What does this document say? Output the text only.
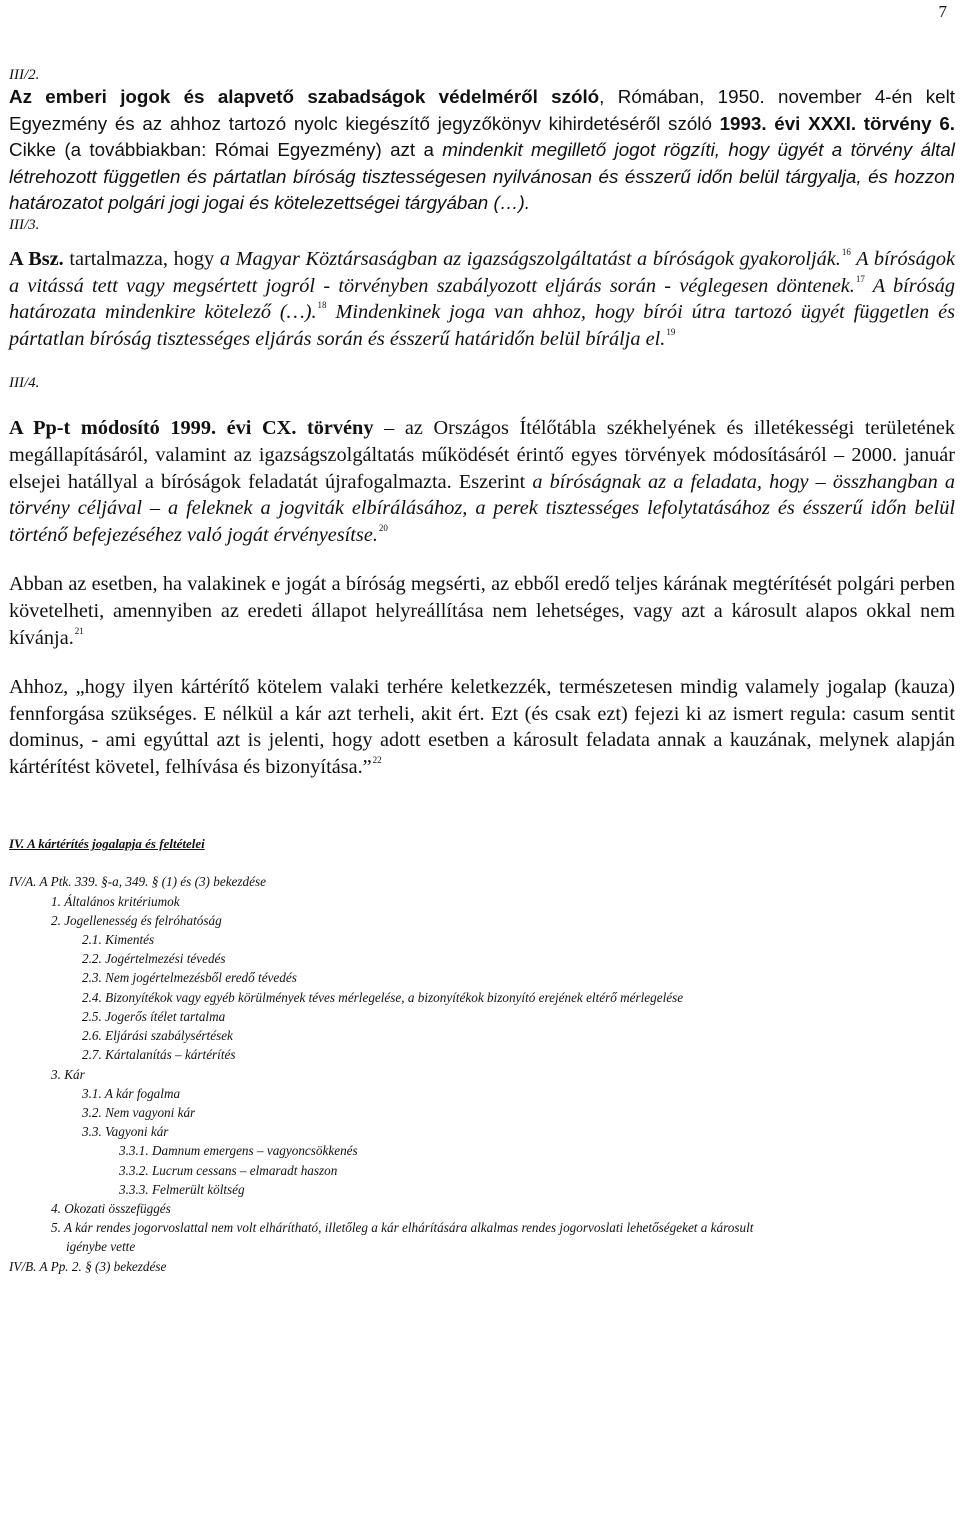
7
III/2.

Az emberi jogok és alapvető szabadságok védelméről szóló, Rómában, 1950. november 4-én kelt Egyezmény és az ahhoz tartozó nyolc kiegészítő jegyzőkönyv kihirdetéséről szóló 1993. évi XXXI. törvény 6. Cikke (a továbbiakban: Római Egyezmény) azt a mindenkit megillető jogot rögzíti, hogy ügyét a törvény által létrehozott független és pártatlan bíróság tisztességesen nyilvánosan és ésszerű időn belül tárgyalja, és hozzon határozatot polgári jogi jogai és kötelezettségei tárgyában (…).

III/3.

A Bsz. tartalmazza, hogy a Magyar Köztársaságban az igazságszolgáltatást a bíróságok gyakorolják.$^{16}$ A bíróságok a vitássá tett vagy megsértett jogról - törvényben szabályozott eljárás során - véglegesen döntenek.$^{17}$ A bíróság határozata mindenkire kötelező (…).$^{18}$ Mindenkinek joga van ahhoz, hogy bírói útra tartozó ügyét független és pártatlan bíróság tisztességes eljárás során és ésszerű határidőn belül bírálja el.$^{19}$

III/4.

A Pp-t módosító 1999. évi CX. törvény – az Országos Ítélőtábla székhelyének és illetékességi területének megállapításáról, valamint az igazságszolgáltatás működését érintő egyes törvények módosításáról – 2000. január elsejei hatállyal a bíróságok feladatát újrafogalmazta. Eszerint a bíróságnak az a feladata, hogy – összhangban a törvény céljával – a feleknek a jogviták elbírálásához, a perek tisztességes lefolytatásához és ésszerű időn belül történő befejezéséhez való jogát érvényesítse.$^{20}$

Abban az esetben, ha valakinek e jogát a bíróság megsérti, az ebből eredő teljes kárának megtérítését polgári perben követelheti, amennyiben az eredeti állapot helyreállítása nem lehetséges, vagy azt a károsult alapos okkal nem kívánja.$^{21}$

Ahhoz, „hogy ilyen kártérítő kötelem valaki terhére keletkezzék, természetesen mindig valamely jogalap (kauza) fennforgása szükséges. E nélkül a kár azt terheli, akit ért. Ezt (és csak ezt) fejezi ki az ismert regula: casum sentit dominus, - ami egyúttal azt is jelenti, hogy adott esetben a károsult feladata annak a kauzának, melynek alapján kártérítést követel, felhívása és bizonyítása.”$^{22}$

IV. A kártérítés jogalapja és feltételei
IV/A. A Ptk. 339. §-a, 349. § (1) és (3) bekezdése
1. Általános kritériumok
2. Jogellenesség és felróhatóság
2.1. Kimentés
2.2. Jogértelmezési tévedés
2.3. Nem jogértelmezésből eredő tévedés
2.4. Bizonyítékok vagy egyéb körülmények téves mérlegelése, a bizonyítékok bizonyító erejének eltérő mérlegelése
2.5. Jogerős ítélet tartalma
2.6. Eljárási szabálysértések
2.7. Kártalanítás – kártérítés
3. Kár
3.1. A kár fogalma
3.2. Nem vagyoni kár
3.3. Vagyoni kár
3.3.1. Damnum emergens – vagyoncsökkenés
3.3.2. Lucrum cessans – elmaradt haszon
3.3.3. Felmerült költség
4. Okozati összefüggés
5. A kár rendes jogorvoslattal nem volt elhárítható, illetőleg a kár elhárítására alkalmas rendes jogorvoslati lehetőségeket a károsult
igénybe vette
IV/B. A Pp. 2. § (3) bekezdése
